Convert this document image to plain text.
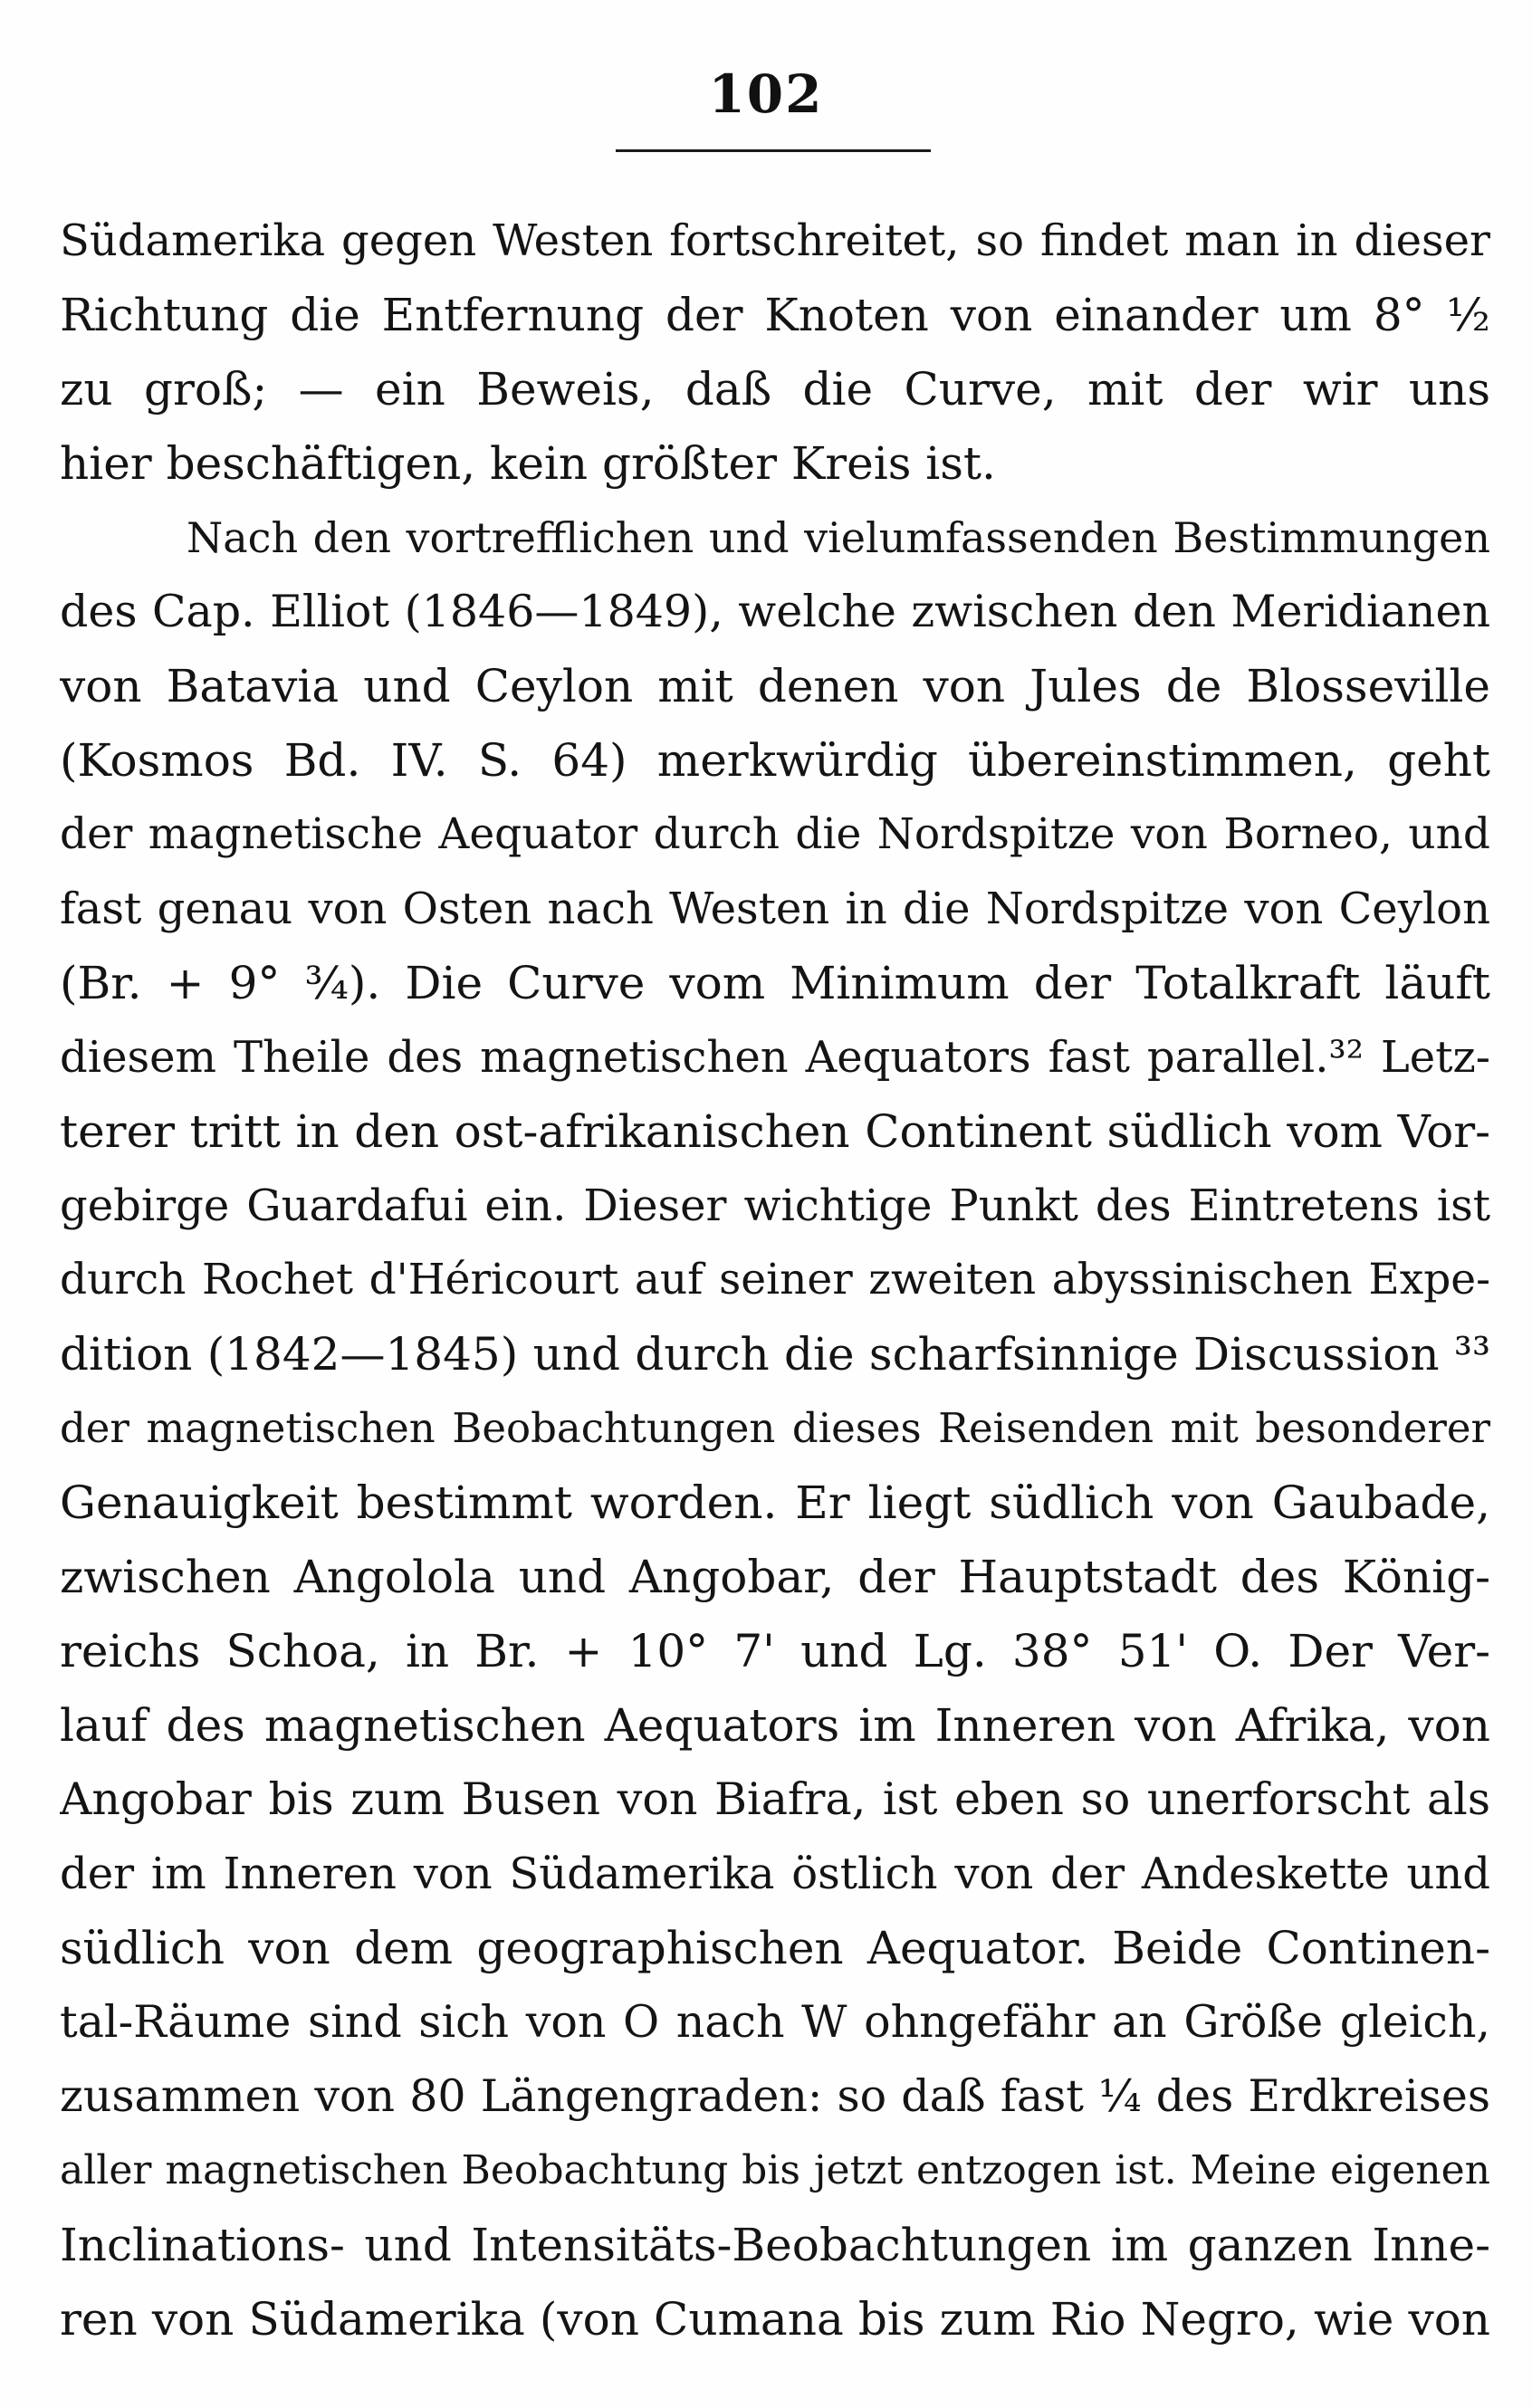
102
Südamerika gegen Westen fortschreitet, so findet man in dieser
Richtung die Entfernung der Knoten von einander um 8° ½
zu groß; — ein Beweis, daß die Curve, mit der wir uns
hier beschäftigen, kein größter Kreis ist.
Nach den vortrefflichen und vielumfassenden Bestimmungen
des Cap. Elliot (1846—1849), welche zwischen den Meridianen
von Batavia und Ceylon mit denen von Jules de Blosseville
(Kosmos Bd. IV. S. 64) merkwürdig übereinstimmen, geht
der magnetische Aequator durch die Nordspitze von Borneo, und
fast genau von Osten nach Westen in die Nordspitze von Ceylon
(Br. + 9° ¾). Die Curve vom Minimum der Totalkraft läuft
diesem Theile des magnetischen Aequators fast parallel.³² Letz-
terer tritt in den ost-afrikanischen Continent südlich vom Vor-
gebirge Guardafui ein. Dieser wichtige Punkt des Eintretens ist
durch Rochet d'Héricourt auf seiner zweiten abyssinischen Expe-
dition (1842—1845) und durch die scharfsinnige Discussion ³³
der magnetischen Beobachtungen dieses Reisenden mit besonderer
Genauigkeit bestimmt worden. Er liegt südlich von Gaubade,
zwischen Angolola und Angobar, der Hauptstadt des König-
reichs Schoa, in Br. + 10° 7' und Lg. 38° 51' O. Der Ver-
lauf des magnetischen Aequators im Inneren von Afrika, von
Angobar bis zum Busen von Biafra, ist eben so unerforscht als
der im Inneren von Südamerika östlich von der Andeskette und
südlich von dem geographischen Aequator. Beide Continen-
tal-Räume sind sich von O nach W ohngefähr an Größe gleich,
zusammen von 80 Längengraden: so daß fast ¼ des Erdkreises
aller magnetischen Beobachtung bis jetzt entzogen ist. Meine eigenen
Inclinations- und Intensitäts-Beobachtungen im ganzen Inne-
ren von Südamerika (von Cumana bis zum Rio Negro, wie von
